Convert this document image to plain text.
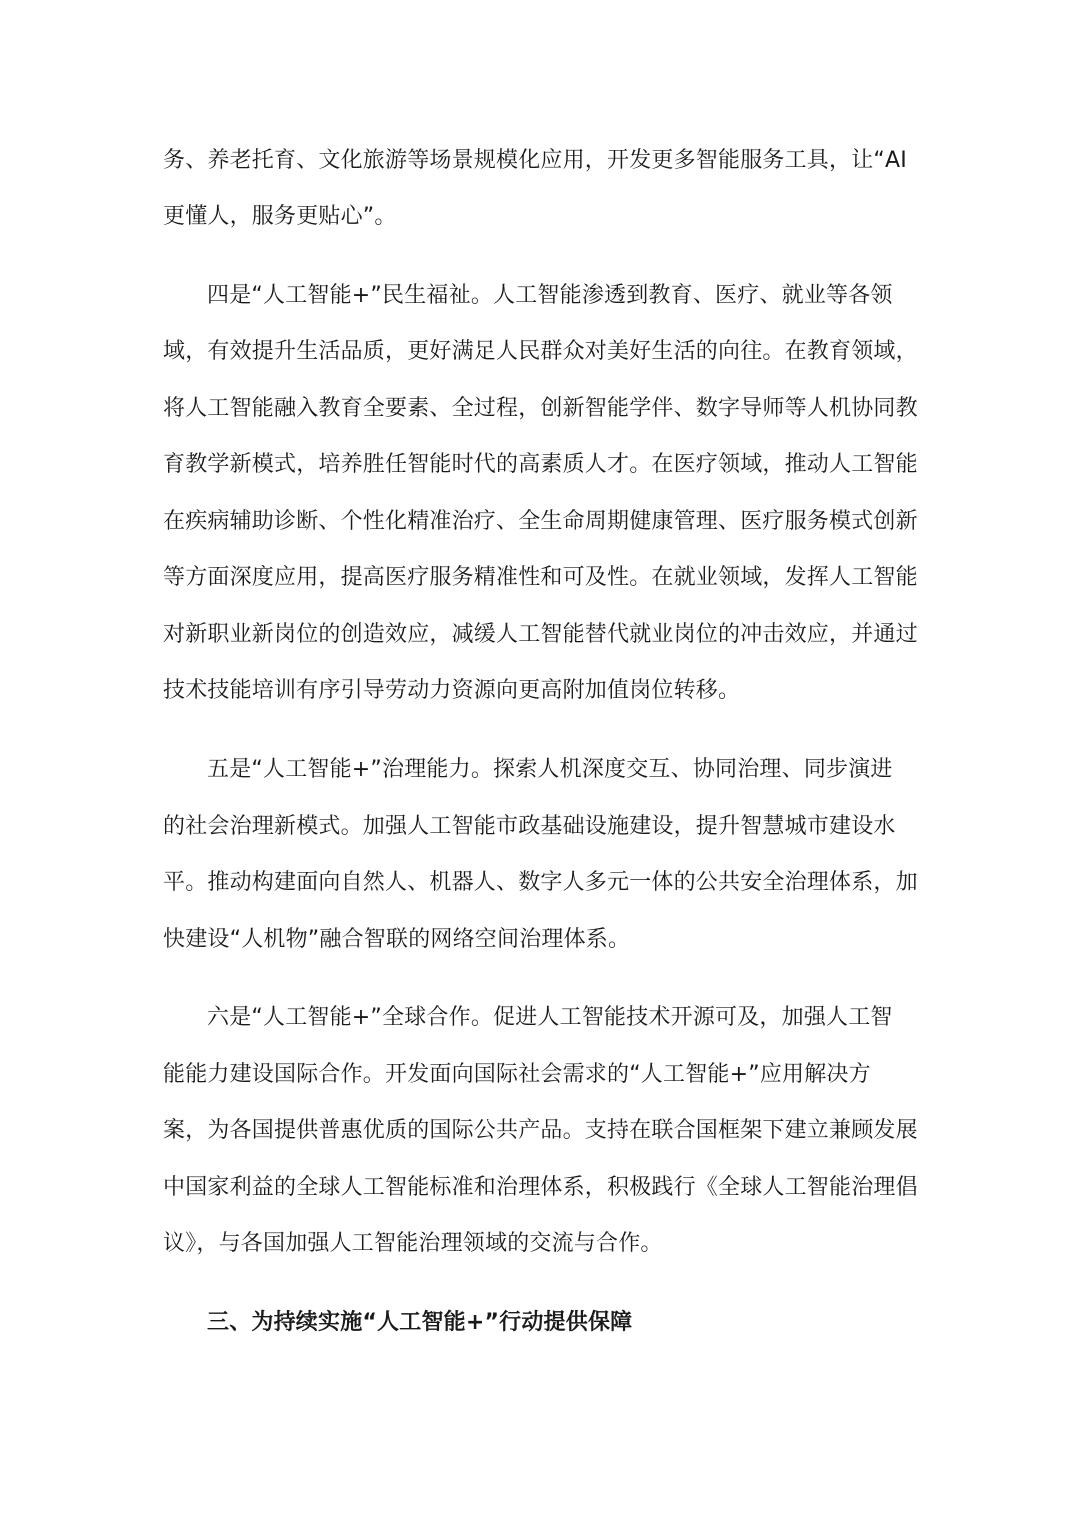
务、养老托育、文化旅游等场景规模化应用，开发更多智能服务工具，让“AI
更懂人，服务更贴心”。
四是“人工智能+”民生福祉。人工智能渗透到教育、医疗、就业等各领
域，有效提升生活品质，更好满足人民群众对美好生活的向往。在教育领域，
将人工智能融入教育全要素、全过程，创新智能学伴、数字导师等人机协同教
育教学新模式，培养胜任智能时代的高素质人才。在医疗领域，推动人工智能
在疾病辅助诊断、个性化精准治疗、全生命周期健康管理、医疗服务模式创新
等方面深度应用，提高医疗服务精准性和可及性。在就业领域，发挥人工智能
对新职业新岗位的创造效应，减缓人工智能替代就业岗位的冲击效应，并通过
技术技能培训有序引导劳动力资源向更高附加值岗位转移。
五是“人工智能+”治理能力。探索人机深度交互、协同治理、同步演进
的社会治理新模式。加强人工智能市政基础设施建设，提升智慧城市建设水
平。推动构建面向自然人、机器人、数字人多元一体的公共安全治理体系，加
快建设“人机物”融合智联的网络空间治理体系。
六是“人工智能+”全球合作。促进人工智能技术开源可及，加强人工智
能能力建设国际合作。开发面向国际社会需求的“人工智能+”应用解决方
案，为各国提供普惠优质的国际公共产品。支持在联合国框架下建立兼顾发展
中国家利益的全球人工智能标准和治理体系，积极践行《全球人工智能治理倡
议》，与各国加强人工智能治理领域的交流与合作。
三、为持续实施“人工智能+”行动提供保障
